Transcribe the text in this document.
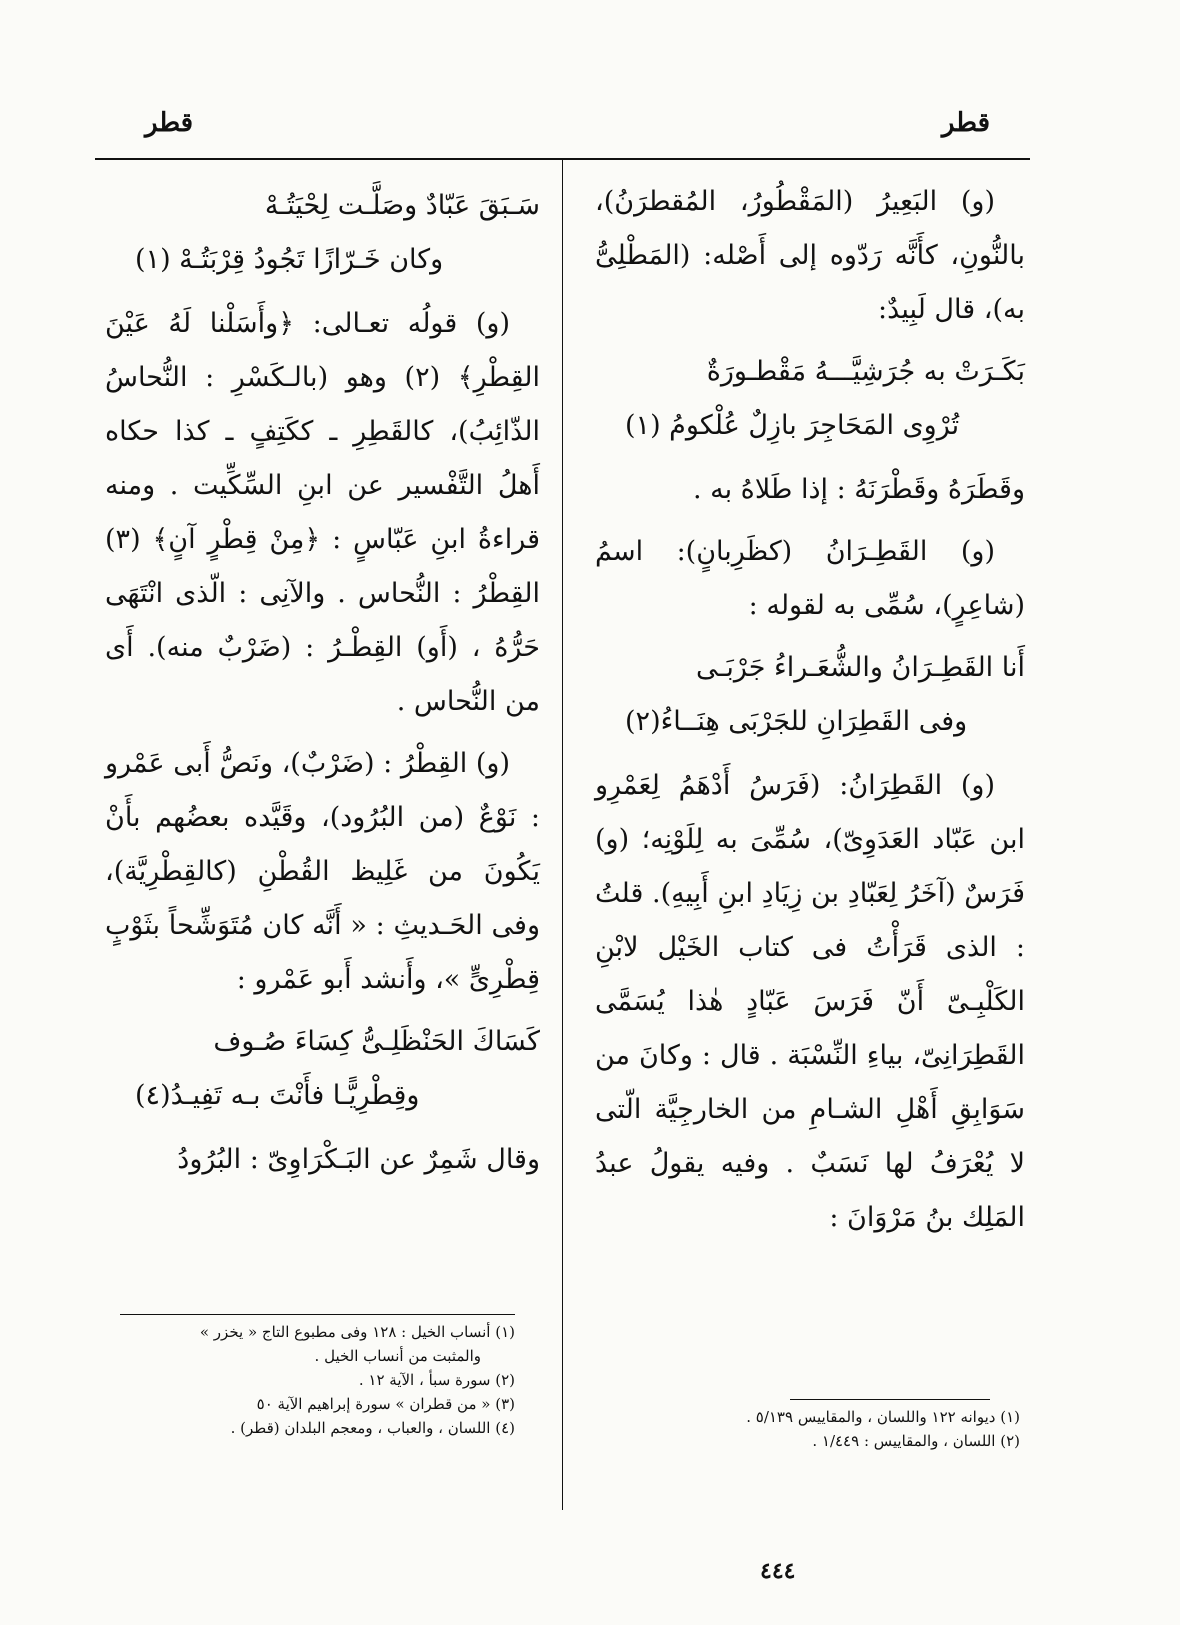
قطر
قطر

(و) البَعِيرُ (المَقْطُورُ، المُقطرَنُ)، بالنُّونِ، كأَنَّه رَدّوه إلى أَصْله: (المَطْلِىُّ به)، قال لَبِيدٌ:

بَكَـرَتْ به جُرَشِيَّـــهُ مَقْطـورَةٌ
تُرْوِى المَحَاجِرَ بازِلٌ عُلْكومُ (١)

وقَطَرَهُ وقَطْرَنَهُ : إذا طَلاهُ به .

(و) القَطِـرَانُ (كظَرِبانٍ): اسمُ (شاعِرٍ)، سُمِّى به لقوله :

أَنا القَطِـرَانُ والشُّعَـراءُ جَرْبَـى
وفى القَطِرَانِ للجَرْبَى هِنَــاءُ(٢)

(و) القَطِرَانُ: (فَرَسُ أَدْهَمُ لِعَمْرِو ابن عَبّاد العَدَوِىّ)، سُمِّىَ به لِلَوْنِه؛ (و) فَرَسٌ (آخَرُ لِعَبّادِ بن زِيَادِ ابنِ أَبِيهِ). قلتُ : الذى قَرَأْتُ فى كتاب الخَيْل لابْنِ الكَلْبِـىّ أَنّ فَرَسَ عَبّادٍ هٰذا يُسَمَّى القَطِرَانِىّ، بياءِ النِّسْبَة . قال : وكانَ من سَوَابِقِ أَهْلِ الشـامِ من الخارجِيَّة الّتى لا يُعْرَفُ لها نَسَبٌ . وفيه يقولُ عبدُ المَلِك بنُ مَرْوَانَ :

سَـبَقَ عَبّادٌ وصَلَّـت لِحْيَتُـهْ
وكان خَـرّازًا تَجُودُ قِرْبَتُـهْ (١)

(و) قولُه تعـالى: ﴿وأَسَلْنا لَهُ عَيْنَ القِطْرِ﴾ (٢) وهو (بالـكَسْرِ : النُّحاسُ الذّائِبُ)، كالقَطِرِ ـ ككَتِفٍ ـ كذا حكاه أَهلُ التَّفْسير عن ابنِ السِّكِّيت . ومنه قراءةُ ابنِ عَبّاسٍ : ﴿مِنْ قِطْرٍ آنٍ﴾ (٣) القِطْرُ : النُّحاس . والآنِى : الّذى انْتَهَى حَرُّهُ ، (أَو) القِطْـرُ : (ضَرْبٌ منه). أَى من النُّحاس .

(و) القِطْرُ : (ضَرْبٌ)، ونَصُّ أَبى عَمْرو : نَوْعٌ (من البُرُود)، وقَيَّده بعضُهم بأَنْ يَكُونَ من غَلِيظ القُطْنِ (كالقِطْرِيَّة)، وفى الحَـديثِ : « أَنَّه كان مُتَوَشِّحاً بثَوْبٍ قِطْرِىٍّ »، وأَنشد أَبو عَمْرو :

كَسَاكَ الحَنْظَلِـىُّ كِسَاءَ صُـوف
وقِطْرِيًّـا فأَنْتَ بـه تَفِيـدُ(٤)

وقال شَمِرٌ عن البَـكْرَاوِىّ : البُرُودُ

(١) أنساب الخيل : ١٢٨ وفى مطبوع التاج « يخزر »
والمثبت من أنساب الخيل .
(٢) سورة سبأ ، الآية ١٢ .
(٣) « من قطران » سورة إبراهيم الآية ٥٠
(٤) اللسان ، والعباب ، ومعجم البلدان (قطر) .
(١) ديوانه ١٢٢ واللسان ، والمقاييس ٥/١٣٩ .
(٢) اللسان ، والمقاييس : ١/٤٤٩ .
٤٤٤
